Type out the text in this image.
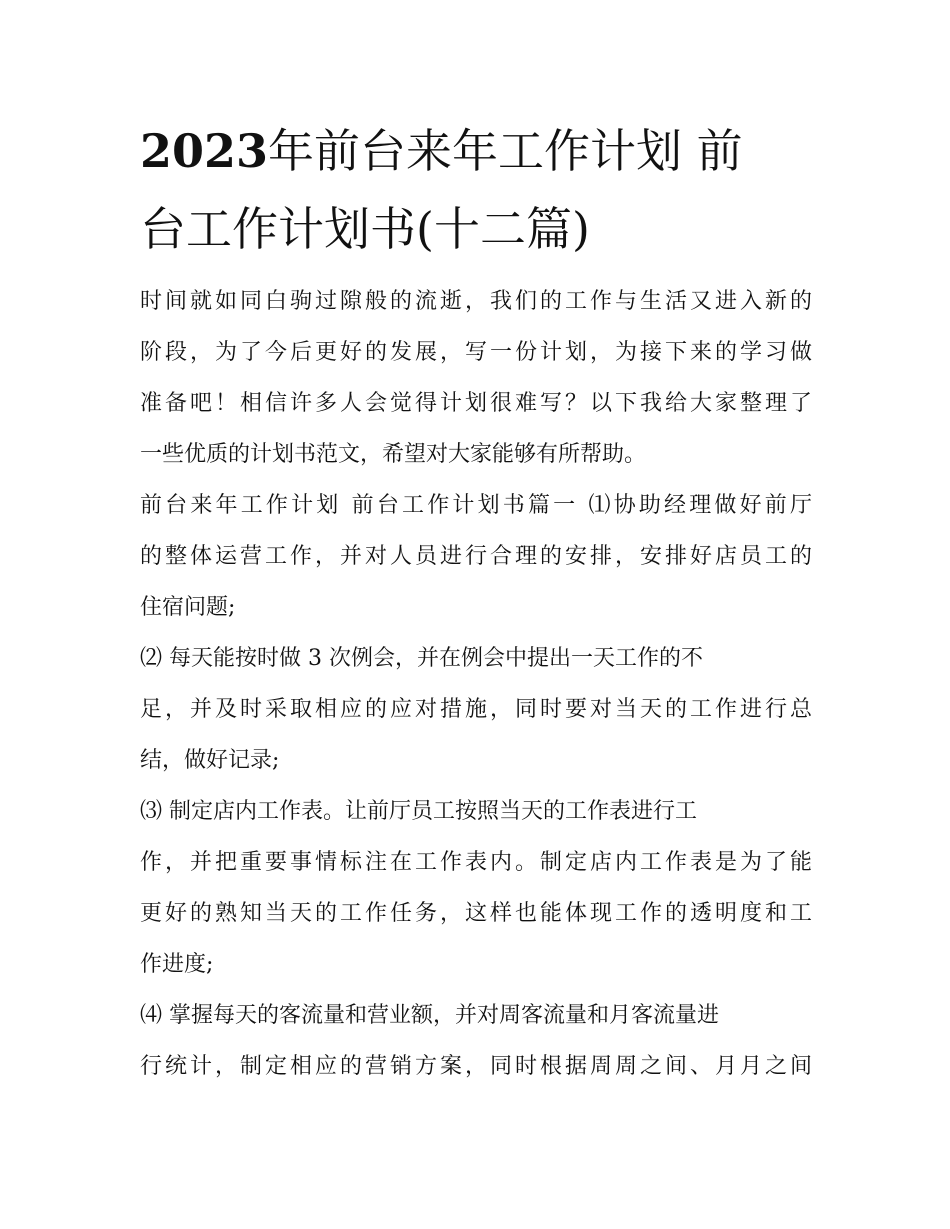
2023年前台来年工作计划 前
台工作计划书(十二篇)

时间就如同白驹过隙般的流逝，我们的工作与生活又进入新的
阶段，为了今后更好的发展，写一份计划，为接下来的学习做
准备吧！相信许多人会觉得计划很难写？以下我给大家整理了
一些优质的计划书范文，希望对大家能够有所帮助。

前台来年工作计划 前台工作计划书篇一 ⑴协助经理做好前厅
的整体运营工作，并对人员进行合理的安排，安排好店员工的
住宿问题;

⑵ 每天能按时做 3 次例会，并在例会中提出一天工作的不
足，并及时采取相应的应对措施，同时要对当天的工作进行总
结，做好记录;

⑶ 制定店内工作表。让前厅员工按照当天的工作表进行工
作，并把重要事情标注在工作表内。制定店内工作表是为了能
更好的熟知当天的工作任务，这样也能体现工作的透明度和工
作进度;

⑷ 掌握每天的客流量和营业额，并对周客流量和月客流量进
行统计，制定相应的营销方案，同时根据周周之间、月月之间
